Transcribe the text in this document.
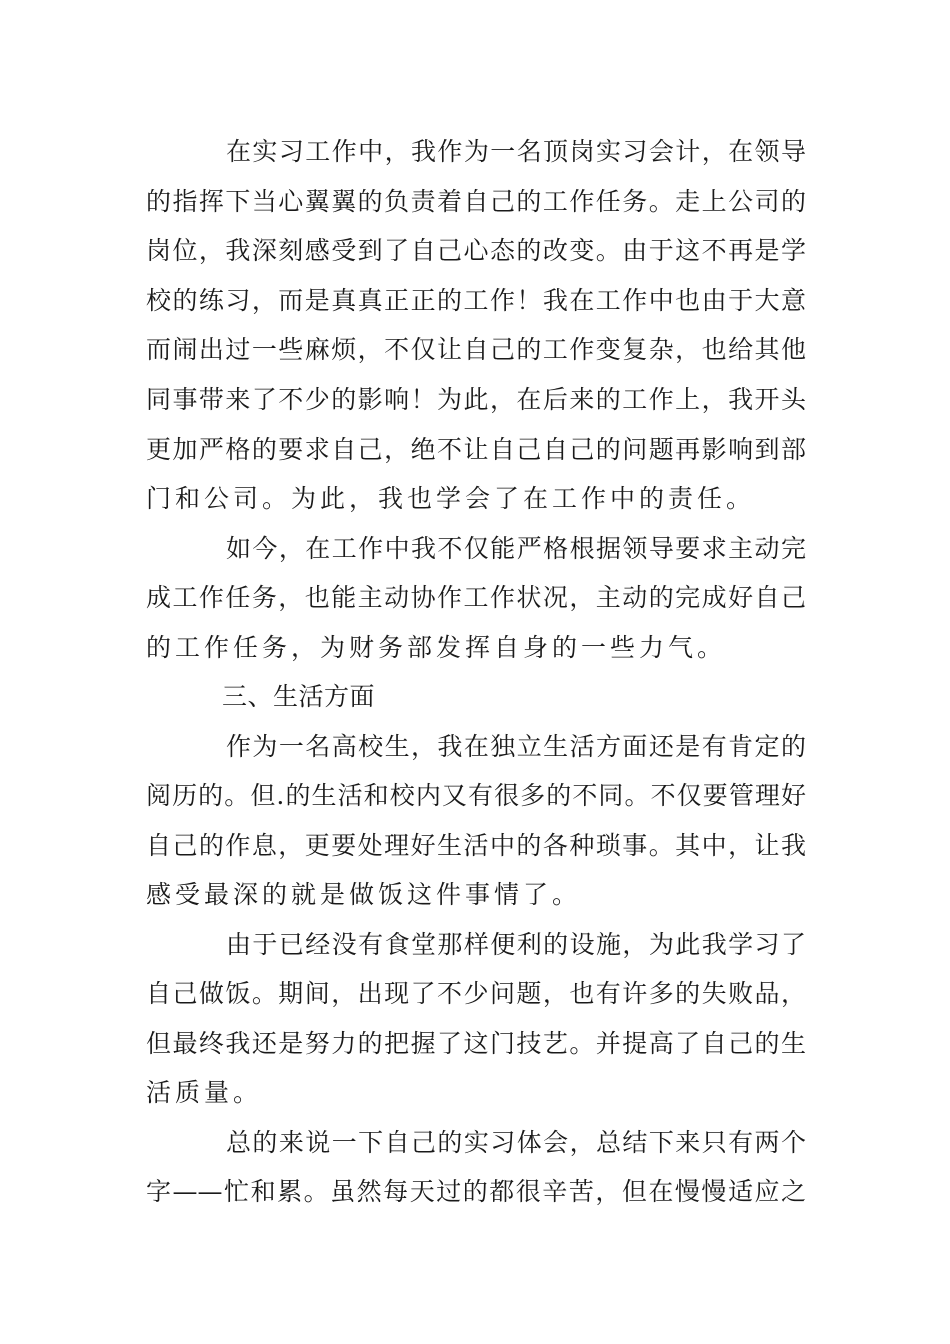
在实习工作中，我作为一名顶岗实习会计，在领导
的指挥下当心翼翼的负责着自己的工作任务。走上公司的
岗位，我深刻感受到了自己心态的改变。由于这不再是学
校的练习，而是真真正正的工作！我在工作中也由于大意
而闹出过一些麻烦，不仅让自己的工作变复杂，也给其他
同事带来了不少的影响！为此，在后来的工作上，我开头
更加严格的要求自己，绝不让自己自己的问题再影响到部
门和公司。为此，我也学会了在工作中的责任。
如今，在工作中我不仅能严格根据领导要求主动完
成工作任务，也能主动协作工作状况，主动的完成好自己
的工作任务，为财务部发挥自身的一些力气。
三、生活方面
作为一名高校生，我在独立生活方面还是有肯定的
阅历的。但.的生活和校内又有很多的不同。不仅要管理好
自己的作息，更要处理好生活中的各种琐事。其中，让我
感受最深的就是做饭这件事情了。
由于已经没有食堂那样便利的设施，为此我学习了
自己做饭。期间，出现了不少问题，也有许多的失败品，
但最终我还是努力的把握了这门技艺。并提高了自己的生
活质量。
总的来说一下自己的实习体会，总结下来只有两个
字——忙和累。虽然每天过的都很辛苦，但在慢慢适应之
